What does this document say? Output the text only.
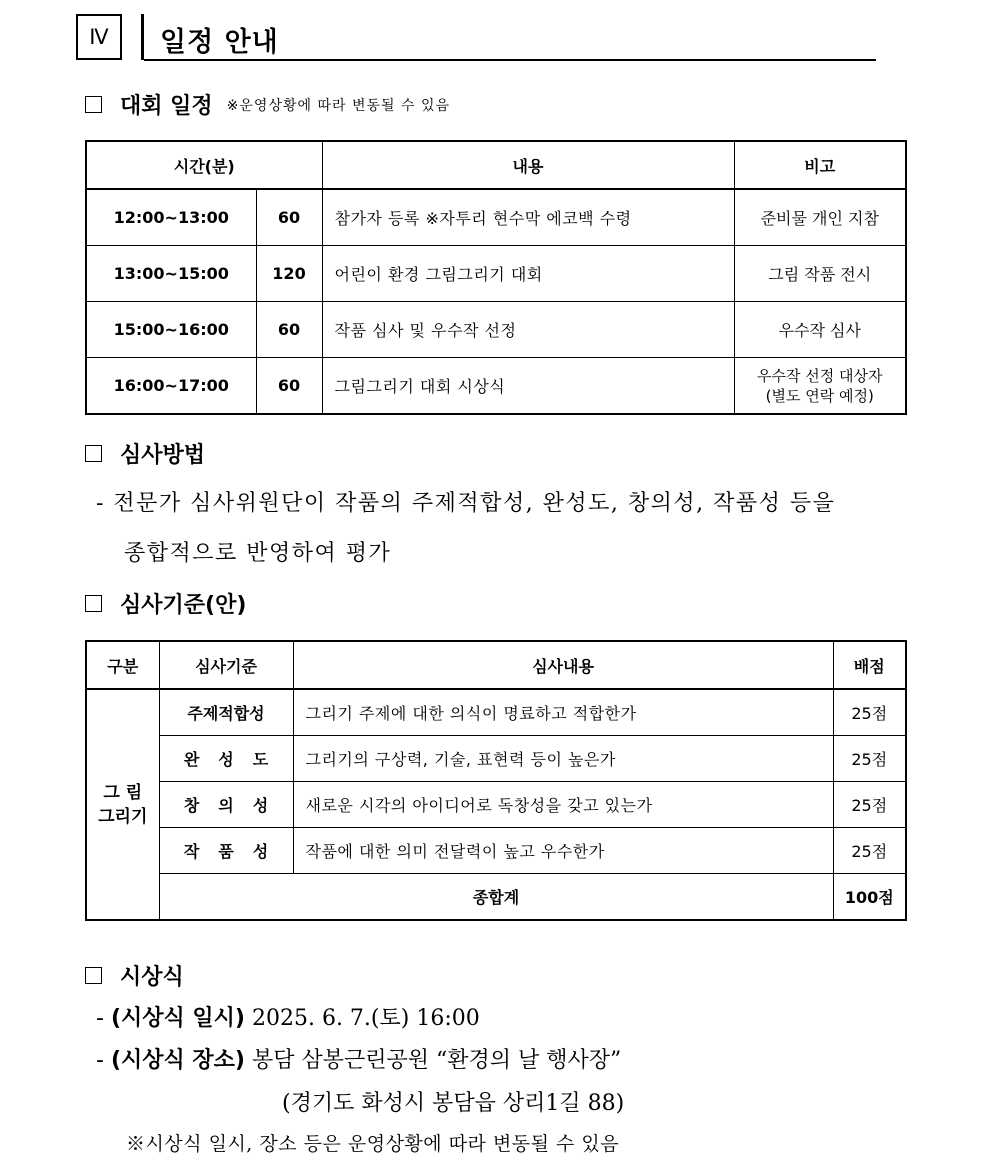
Ⅳ	일정 안내
대회 일정 ※운영상황에 따라 변동될 수 있음
시간(분)		내용	비고
12:00~13:00	60	참가자 등록 ※자투리 현수막 에코백 수령	준비물 개인 지참
13:00~15:00	120	어린이 환경 그림그리기 대회	그림 작품 전시
15:00~16:00	60	작품 심사 및 우수작 선정	우수작 심사
16:00~17:00	60	그림그리기 대회 시상식	우수작 선정 대상자
(별도 연락 예정)
심사방법
- 전문가 심사위원단이 작품의 주제적합성, 완성도, 창의성, 작품성 등을
종합적으로 반영하여 평가
심사기준(안)
구분	심사기준	심사내용	배점

그 림
그리기	주제적합성	그리기 주제에 대한 의식이 명료하고 적합한가	25점
	완성도	그리기의 구상력, 기술, 표현력 등이 높은가	25점
	창의성	새로운 시각의 아이디어로 독창성을 갖고 있는가	25점
	작품성	작품에 대한 의미 전달력이 높고 우수한가	25점
	종합계		100점
시상식
- (시상식 일시) 2025. 6. 7.(토) 16:00
- (시상식 장소) 봉담 삼봉근린공원 “환경의 날 행사장”
(경기도 화성시 봉담읍 상리1길 88)
※시상식 일시, 장소 등은 운영상황에 따라 변동될 수 있음
